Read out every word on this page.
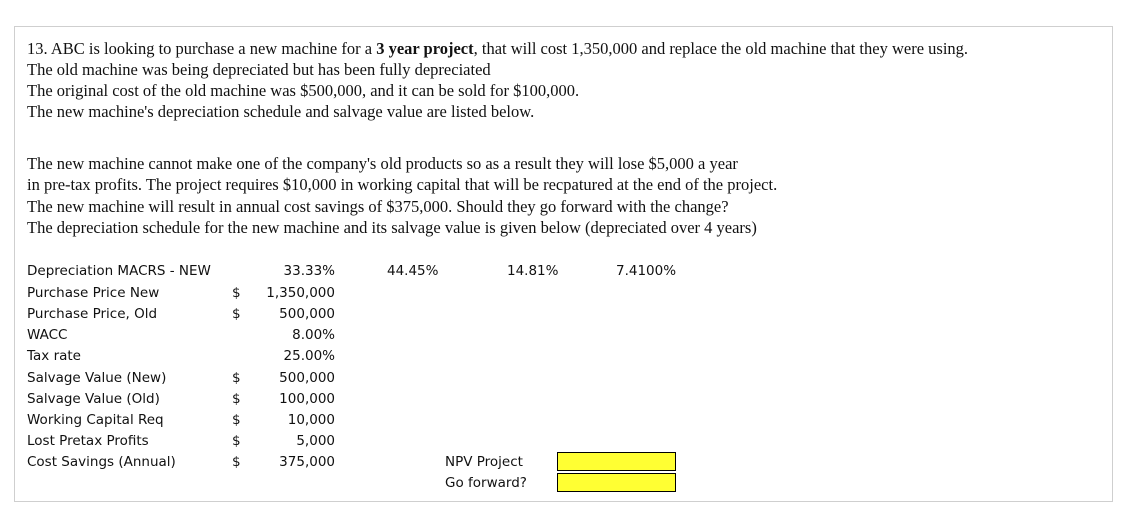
13. ABC is looking to purchase a new machine for a 3 year project, that will cost 1,350,000 and replace the old machine that they were using.
The old machine was being depreciated but has been fully depreciated
The original cost of the old machine was $500,000, and it can be sold for $100,000.
The new machine's depreciation schedule and salvage value are listed below.
The new machine cannot make one of the company's old products so as a result they will lose $5,000 a year
in pre-tax profits. The project requires $10,000 in working capital that will be recpatured at the end of the project.
The new machine will result in annual cost savings of $375,000. Should they go forward with the change?
The depreciation schedule for the new machine and its salvage value is given below (depreciated over 4 years)
Depreciation MACRS - NEW	33.33%	44.45%	14.81%	7.4100%
Purchase Price New	$	1,350,000
Purchase Price, Old	$	500,000
WACC	8.00%
Tax rate	25.00%
Salvage Value (New)	$	500,000
Salvage Value (Old)	$	100,000
Working Capital Req	$	10,000
Lost Pretax Profits	$	5,000
Cost Savings (Annual)	$	375,000	NPV Project
Go forward?
